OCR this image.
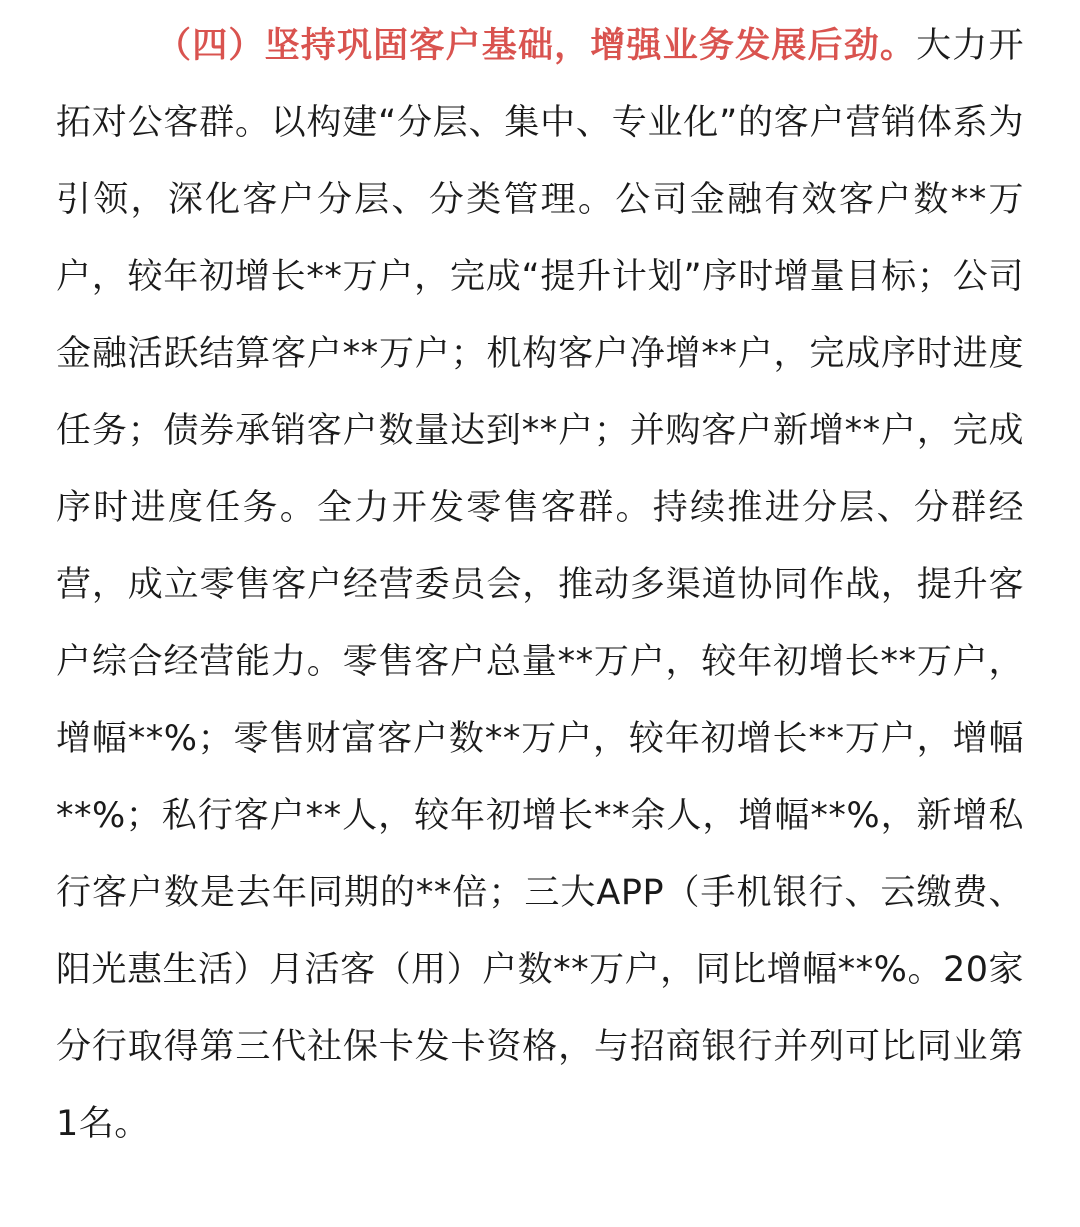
（四）坚持巩固客户基础，增强业务发展后劲。大力开拓对公客群。以构建“分层、集中、专业化”的客户营销体系为引领，深化客户分层、分类管理。公司金融有效客户数**万户，较年初增长**万户，完成“提升计划”序时增量目标；公司金融活跃结算客户**万户；机构客户净增**户，完成序时进度任务；债券承销客户数量达到**户；并购客户新增**户，完成序时进度任务。全力开发零售客群。持续推进分层、分群经营，成立零售客户经营委员会，推动多渠道协同作战，提升客户综合经营能力。零售客户总量**万户，较年初增长**万户，增幅**%；零售财富客户数**万户，较年初增长**万户，增幅**%；私行客户**人，较年初增长**余人，增幅**%，新增私行客户数是去年同期的**倍；三大APP（手机银行、云缴费、阳光惠生活）月活客（用）户数**万户，同比增幅**%。20家分行取得第三代社保卡发卡资格，与招商银行并列可比同业第1名。
